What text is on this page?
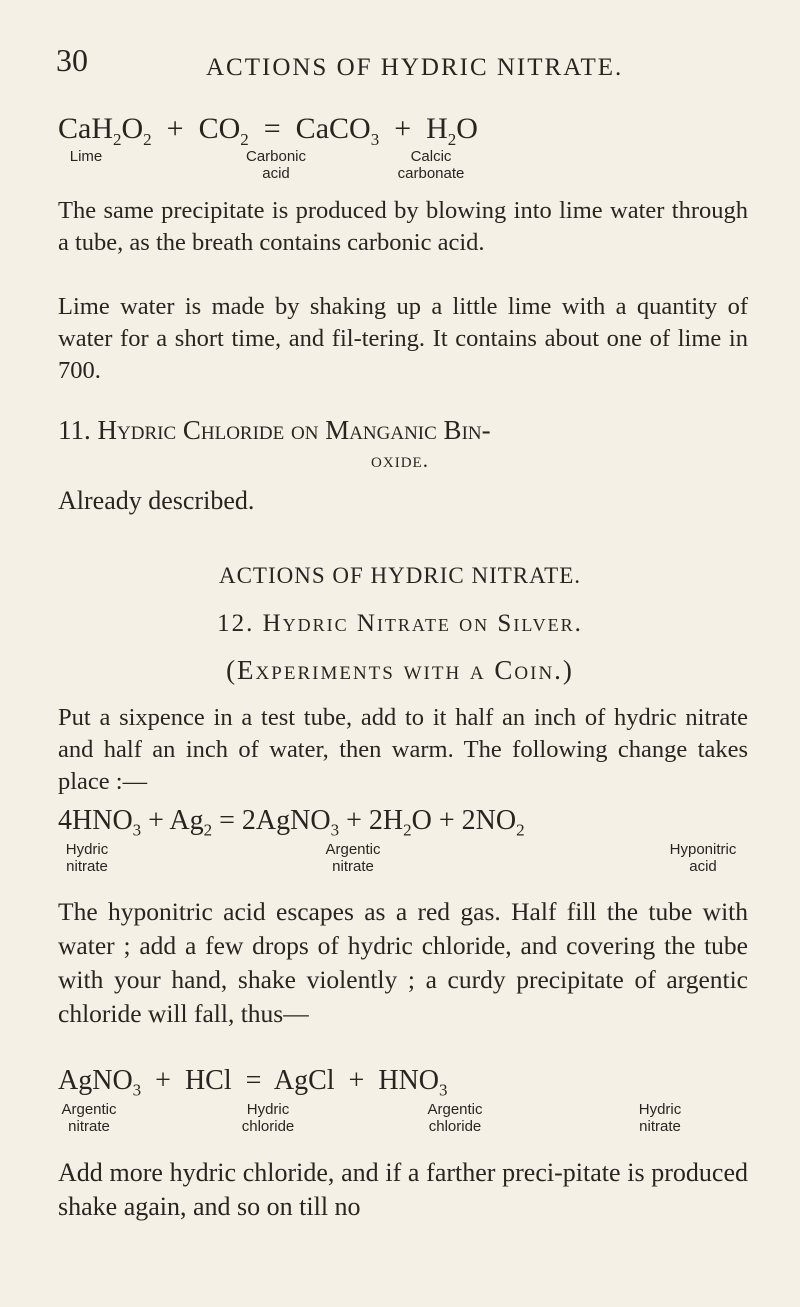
30	ACTIONS OF HYDRIC NITRATE.
$CaH_2O_2 + CO_2$  =  CaCO$_3$  +  $H_2O$
Lime	Carbonic
acid
Calcic
carbonate
The same precipitate is produced by blowing into lime water through a tube, as the breath contains carbonic acid.
Lime water is made by shaking up a little lime with a quantity of water for a short time, and fil-tering. It contains about one of lime in 700.
11. Hydric Chloride on Manganic Bin-
oxide.
Already described.
ACTIONS OF HYDRIC NITRATE.
12. Hydric Nitrate on Silver.
(Experiments with a Coin.)
Put a sixpence in a test tube, add to it half an inch of hydric nitrate and half an inch of water, then warm. The following change takes place :—
$4HNO_3 + Ag_2$ = 2AgNO$_3$ + $2H_2O + 2NO_2$
Hydric
nitrate
Argentic
nitrate
Hyponitric
acid
The hyponitric acid escapes as a red gas. Half fill the tube with water ; add a few drops of hydric chloride, and covering the tube with your hand, shake violently ; a curdy precipitate of argentic chloride will fall, thus—
AgNO$_3$  +  HCl  =  AgCl  +  $HNO_3$
Argentic
nitrate
Hydric
chloride
Argentic
chloride
Hydric
nitrate
Add more hydric chloride, and if a farther preci-pitate is produced shake again, and so on till no
